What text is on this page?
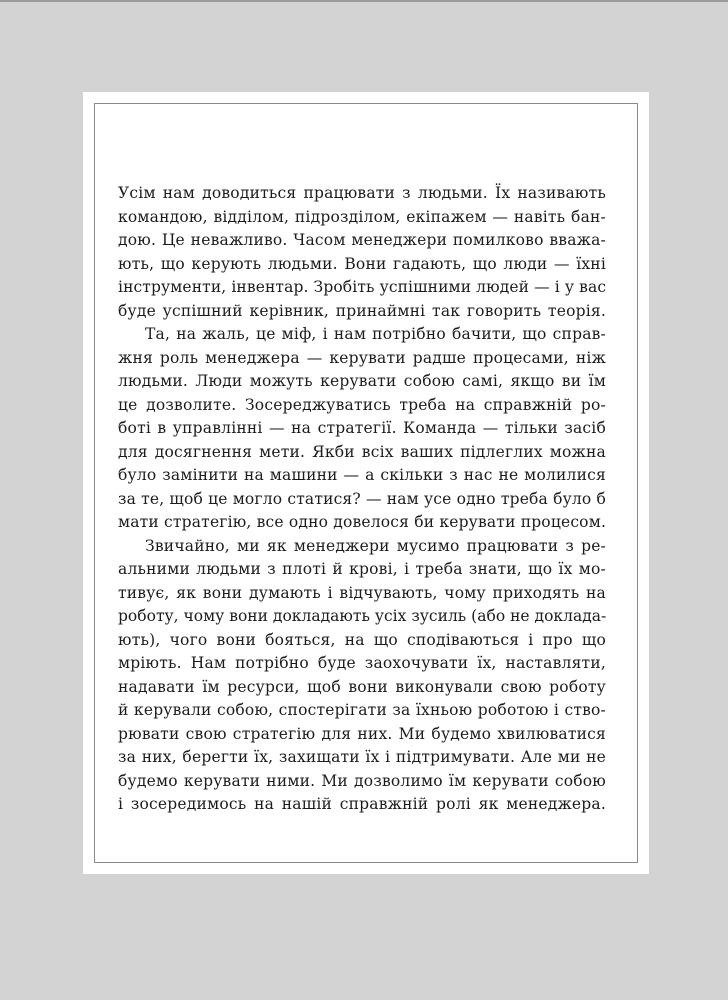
Усім нам доводиться працювати з людьми. Їх називають
командою, відділом, підрозділом, екіпажем — навіть бан-
дою. Це неважливо. Часом менеджери помилково вважа-
ють, що керують людьми. Вони гадають, що люди — їхні
інструменти, інвентар. Зробіть успішними людей — і у вас
буде успішний керівник, принаймні так говорить теорія.

Та, на жаль, це міф, і нам потрібно бачити, що справ-
жня роль менеджера — керувати радше процесами, ніж
людьми. Люди можуть керувати собою самі, якщо ви їм
це дозволите. Зосереджуватись треба на справжній ро-
боті в управлінні — на стратегії. Команда — тільки засіб
для досягнення мети. Якби всіх ваших підлеглих можна
було замінити на машини — а скільки з нас не молилися
за те, щоб це могло статися? — нам усе одно треба було б
мати стратегію, все одно довелося би керувати процесом.

Звичайно, ми як менеджери мусимо працювати з ре-
альними людьми з плоті й крові, і треба знати, що їх мо-
тивує, як вони думають і відчувають, чому приходять на
роботу, чому вони докладають усіх зусиль (або не доклада-
ють), чого вони бояться, на що сподіваються і про що
мріють. Нам потрібно буде заохочувати їх, наставляти,
надавати їм ресурси, щоб вони виконували свою роботу
й керували собою, спостерігати за їхньою роботою і ство-
рювати свою стратегію для них. Ми будемо хвилюватися
за них, берегти їх, захищати їх і підтримувати. Але ми не
будемо керувати ними. Ми дозволимо їм керувати собою
і зосередимось на нашій справжній ролі як менеджера.
